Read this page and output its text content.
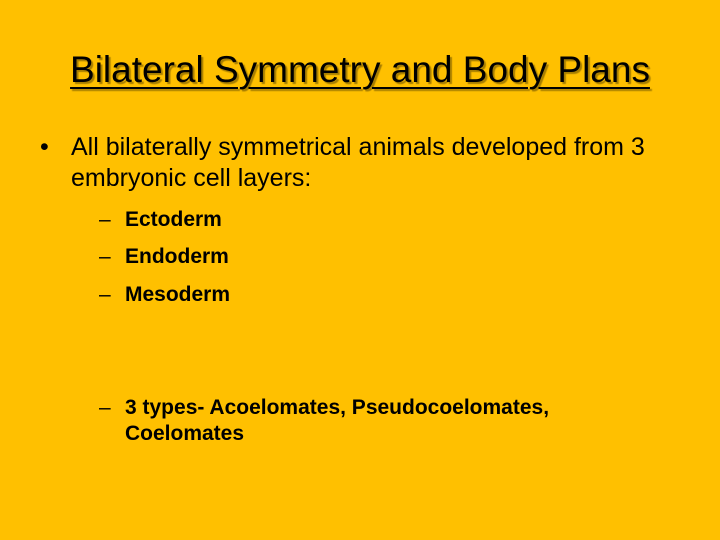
Bilateral Symmetry and Body Plans
• All bilaterally symmetrical animals developed from 3 embryonic cell layers:
– Ectoderm
– Endoderm
– Mesoderm
– 3 types- Acoelomates, Pseudocoelomates,
Coelomates
